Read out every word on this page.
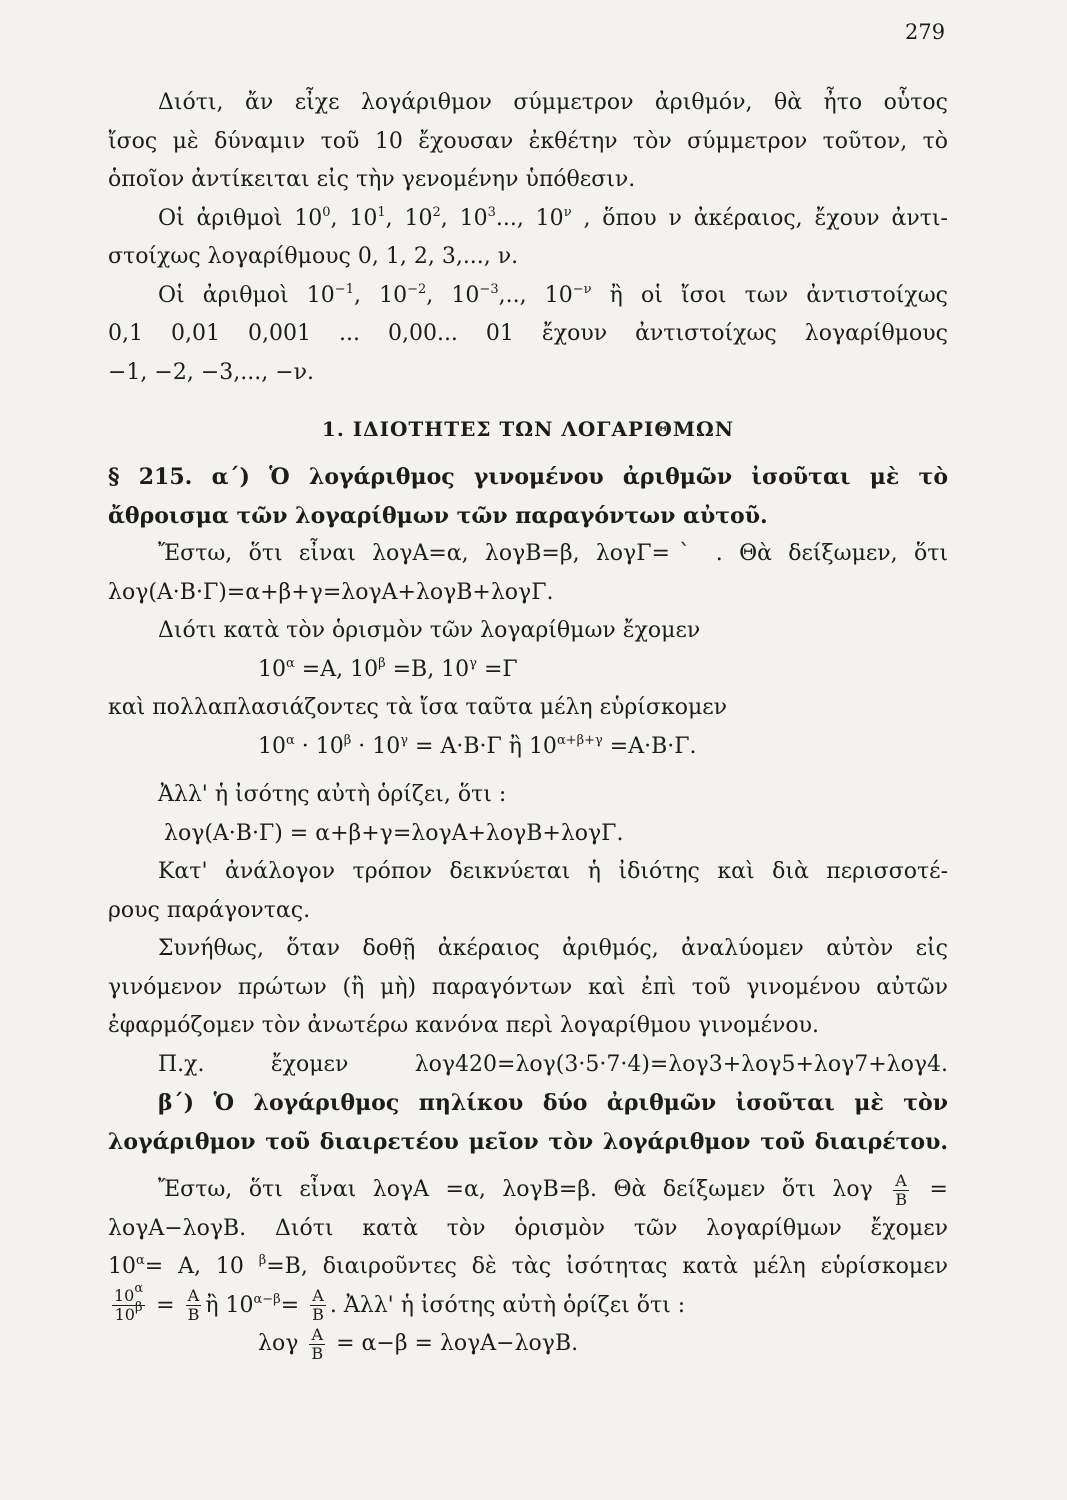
279
Διότι, ἄν εἶχε λογάριθμον σύμμετρον ἀριθμόν, θὰ ἦτο οὗτος
ἴσος μὲ δύναμιν τοῦ 10 ἔχουσαν ἐκθέτην τὸν σύμμετρον τοῦτον, τὸ
ὁποῖον ἀντίκειται εἰς τὴν γενομένην ὑπόθεσιν.
Οἱ ἀριθμοὶ $10^0$, $10^1$, $10^2$, $10^3$..., $10^\nu$ , ὅπου ν ἀκέραιος, ἔχουν ἀντι-
στοίχως λογαρίθμους 0, 1, 2, 3,..., ν.
Οἱ ἀριθμοὶ $10^{-1}$, $10^{-2}$, $10^{-3}$,.., $10^{-\nu}$ ἢ οἱ ἴσοι των ἀντιστοίχως
0,1 0,01 0,001 ... 0,00... 01 ἔχουν ἀντιστοίχως λογαρίθμους
−1, −2, −3,..., −ν.
1. ΙΔΙΟΤΗΤΕΣ ΤΩΝ ΛΟΓΑΡΙΘΜΩΝ
§ 215. α΄) Ὁ λογάριθμος γινομένου ἀριθμῶν ἰσοῦται μὲ τὸ
ἄθροισμα τῶν λογαρίθμων τῶν παραγόντων αὐτοῦ.
Ἔστω, ὅτι εἶναι λογΑ=α, λογΒ=β, λογΓ=ˋ . Θὰ δείξωμεν, ὅτι
λογ(Α·Β·Γ)=α+β+γ=λογΑ+λογΒ+λογΓ.
Διότι κατὰ τὸν ὁρισμὸν τῶν λογαρίθμων ἔχομεν
$10^\alpha =A$, $10^\beta =B$, $10^\gamma =\Gamma$
καὶ πολλαπλασιάζοντες τὰ ἴσα ταῦτα μέλη εὑρίσκομεν
$10^\alpha \cdot 10^\beta \cdot 10^\gamma = A\cdot B\cdot\Gamma$ ἢ $10^{\alpha+\beta+\gamma} =A\cdot B\cdot\Gamma$.
Ἀλλ' ἡ ἰσότης αὐτὴ ὁρίζει, ὅτι :
λογ(Α·Β·Γ) = α+β+γ=λογΑ+λογΒ+λογΓ.
Κατ' ἀνάλογον τρόπον δεικνύεται ἡ ἰδιότης καὶ διὰ περισσοτέ-
ρους παράγοντας.
Συνήθως, ὅταν δοθῇ ἀκέραιος ἀριθμός, ἀναλύομεν αὐτὸν εἰς
γινόμενον πρώτων (ἢ μὴ) παραγόντων καὶ ἐπὶ τοῦ γινομένου αὐτῶν
ἐφαρμόζομεν τὸν ἀνωτέρω κανόνα περὶ λογαρίθμου γινομένου.
Π.χ. ἔχομεν λογ420=λογ(3·5·7·4)=λογ3+λογ5+λογ7+λογ4.
β΄) Ὁ λογάριθμος πηλίκου δύο ἀριθμῶν ἰσοῦται μὲ τὸν
λογάριθμον τοῦ διαιρετέου μεῖον τὸν λογάριθμον τοῦ διαιρέτου.
Ἔστω, ὅτι εἶναι λογΑ =α, λογΒ=β. Θὰ δείξωμεν ὅτι λογ $\frac{A}{B}$ =
λογΑ−λογΒ. Διότι κατὰ τὸν ὁρισμὸν τῶν λογαρίθμων ἔχομεν
$10^\alpha= A$, 10 $^\beta$=Β, διαιροῦντες δὲ τὰς ἰσότητας κατὰ μέλη εὑρίσκομεν
$\frac{10^\alpha}{10^\beta} = \frac{A}{B}$ ἢ $10^{\alpha-\beta}= \frac{A}{B}$ . Ἀλλ' ἡ ἰσότης αὐτὴ ὁρίζει ὅτι :
λογ $\frac{A}{B} = \alpha-\beta = \lambda o\gamma A-\lambda o\gamma B$.
